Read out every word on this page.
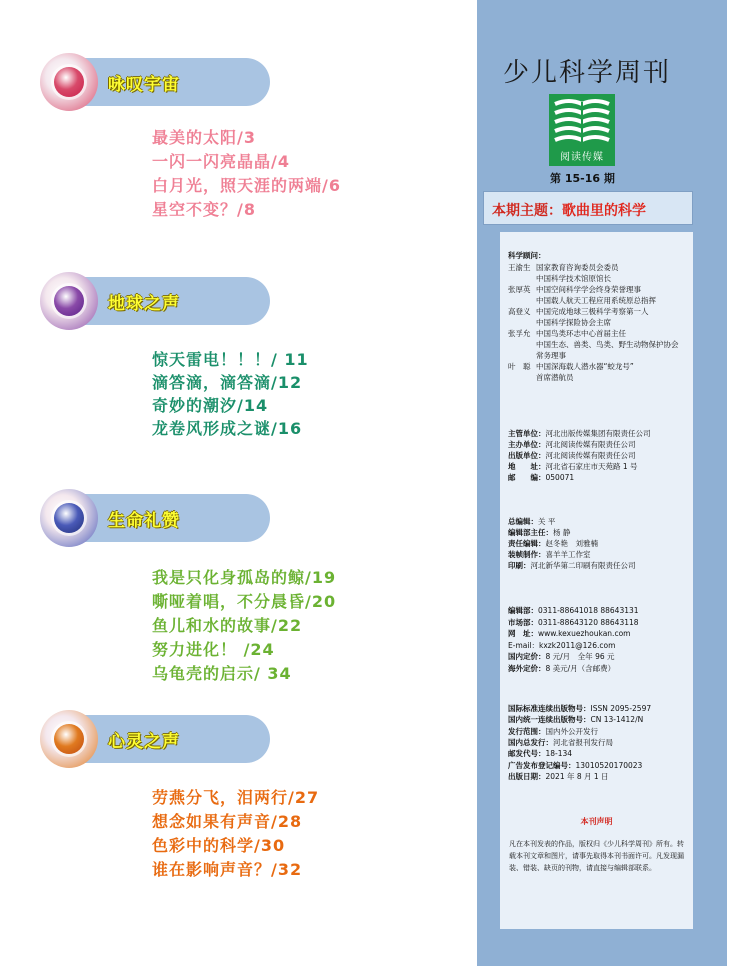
咏叹宇宙
最美的太阳/3
一闪一闪亮晶晶/4
白月光，照天涯的两端/6
星空不变？/8
地球之声
惊天雷电！！！/ 11
滴答滴，滴答滴/12
奇妙的潮汐/14
龙卷风形成之谜/16
生命礼赞
我是只化身孤岛的鲸/19
嘶哑着唱，不分晨昏/20
鱼儿和水的故事/22
努力进化！ /24
乌龟壳的启示/ 34
心灵之声
劳燕分飞，泪两行/27
想念如果有声音/28
色彩中的科学/30
谁在影响声音？/32
少儿科学周刊
阅读传媒
第 15-16 期
本期主题：歌曲里的科学
科学顾问：
王渝生 国家教育咨询委员会委员
中国科学技术馆原馆长
张厚英 中国空间科学学会终身荣誉理事
中国载人航天工程应用系统原总指挥
高登义 中国完成地球三极科学考察第一人
中国科学探险协会主席
张孚允 中国鸟类环志中心首届主任
中国生态、兽类、鸟类、野生动物保护协会
常务理事
叶　聪 中国深海载人潜水器“蛟龙号”
首席潜航员
主管单位：河北出版传媒集团有限责任公司
主办单位：河北阅读传媒有限责任公司
出版单位：河北阅读传媒有限责任公司
地　　址：河北省石家庄市天苑路 1 号
邮　　编：050071
总编辑：关 平
编辑部主任：杨 静
责任编辑：赵冬艳　刘雅楠
装帧制作：喜羊羊工作室
印刷：河北新华第二印刷有限责任公司
编辑部：0311-88641018 88643131
市场部：0311-88643120 88643118
网　址：www.kexuezhoukan.com
E-mail：kxzk2011@126.com
国内定价：8 元/月　全年 96 元
海外定价：8 美元/月（含邮费）
国际标准连续出版物号：ISSN 2095-2597
国内统一连续出版物号：CN 13-1412/N
发行范围：国内外公开发行
国内总发行：河北省报刊发行局
邮发代号：18-134
广告发布登记编号：13010520170023
出版日期：2021 年 8 月 1 日
本刊声明
凡在本刊发表的作品，版权归《少儿科学周刊》所有。转载本刊文章和图片，请事先取得本刊书面许可。凡发现漏装、错装、缺页的刊物，请直接与编辑部联系。
